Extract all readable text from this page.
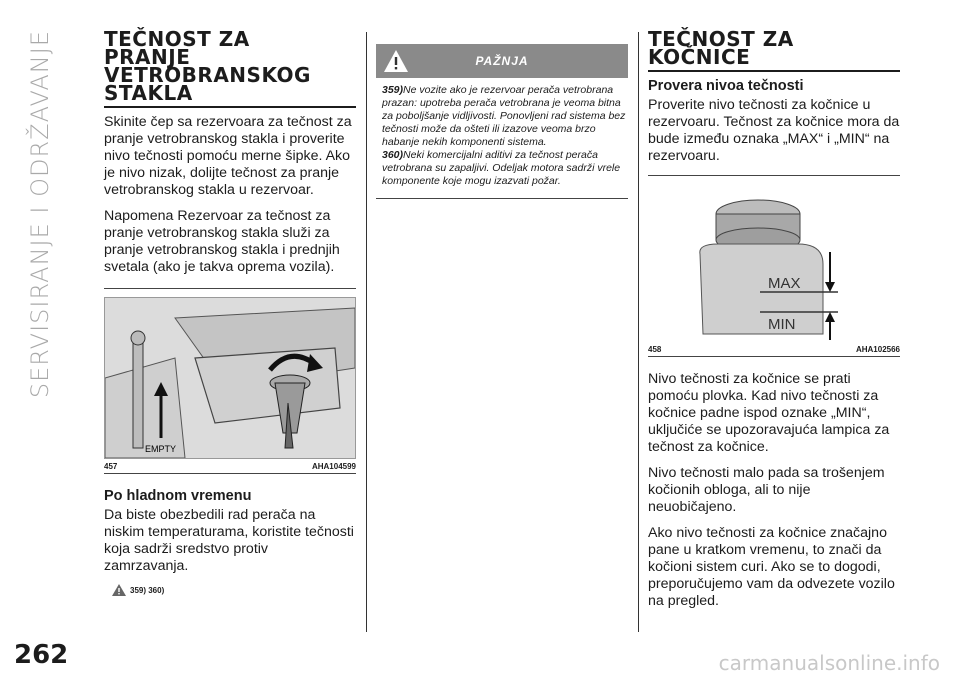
SERVISIRANJE I ODRŽAVANJE	TEČNOST ZA
PRANJE
VETROBRANSKOG
STAKLA

Skinite čep sa rezervoara za tečnost za pranje vetrobranskog stakla i proverite nivo tečnosti pomoću merne šipke. Ako je nivo nizak, dolijte tečnost za pranje vetrobranskog stakla u rezervoar.

Napomena Rezervoar za tečnost za pranje vetrobranskog stakla služi za pranje vetrobranskog stakla i prednjih svetala (ako je takva oprema vozila).

EMPTY
457	AHA104599
Po hladnom vremenu

Da biste obezbedili rad perača na niskim temperaturama, koristite tečnosti koja sadrži sredstvo protiv zamrzavanja.

359) 360)
PAŽNJA

359)Ne vozite ako je rezervoar perača vetrobrana prazan: upotreba perača vetrobrana je veoma bitna za poboljšanje vidljivosti. Ponovljeni rad sistema bez tečnosti može da ošteti ili izazove veoma brzo habanje nekih komponenti sistema.

360)Neki komercijalni aditivi za tečnost perača vetrobrana su zapaljivi. Odeljak motora sadrži vrele komponente koje mogu izazvati požar.

TEČNOST ZA
KOČNICE
Provera nivoa tečnosti

Proverite nivo tečnosti za kočnice u rezervoaru. Tečnost za kočnice mora da bude između oznaka „MAX“ i „MIN“ na rezervoaru.

MAX
MIN
458	AHA102566

Nivo tečnosti za kočnice se prati pomoću plovka. Kad nivo tečnosti za kočnice padne ispod oznake „MIN“, uključiće se upozoravajuća lampica za tečnost za kočnice.

Nivo tečnosti malo pada sa trošenjem kočionih obloga, ali to nije neuobičajeno.

Ako nivo tečnosti za kočnice značajno pane u kratkom vremenu, to znači da kočioni sistem curi. Ako se to dogodi, preporučujemo vam da odvezete vozilo na pregled.

262	carmanualsonline.info
